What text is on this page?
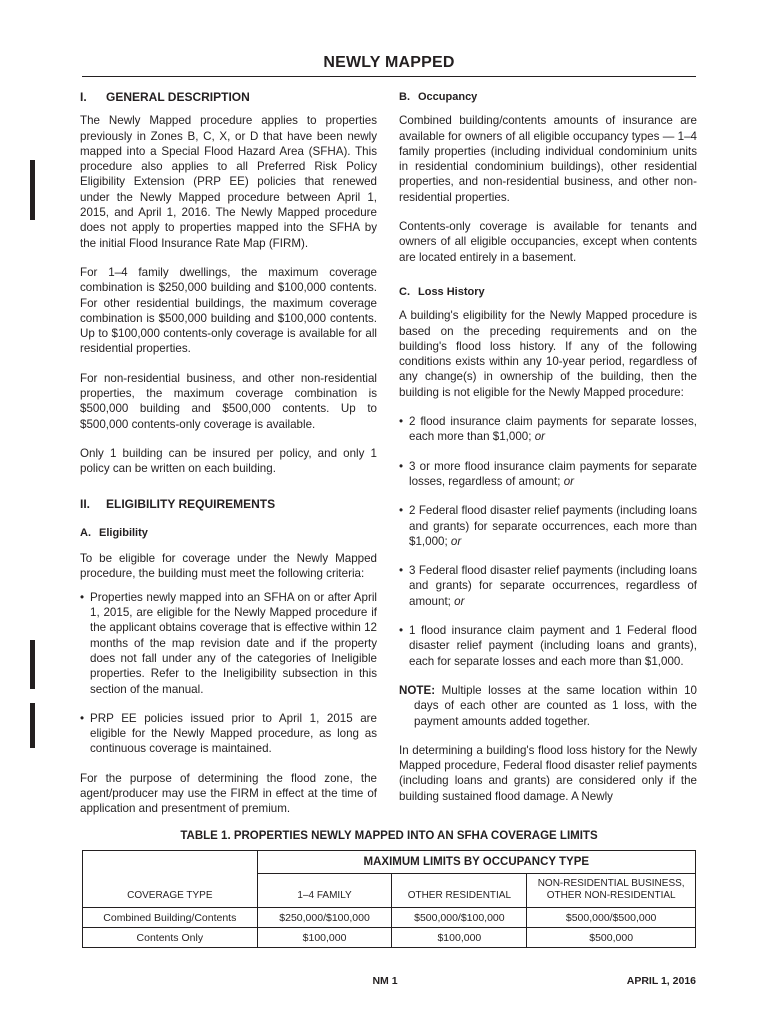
NEWLY MAPPED
I. GENERAL DESCRIPTION

The Newly Mapped procedure applies to properties previously in Zones B, C, X, or D that have been newly mapped into a Special Flood Hazard Area (SFHA). This procedure also applies to all Preferred Risk Policy Eligibility Extension (PRP EE) policies that renewed under the Newly Mapped procedure between April 1, 2015, and April 1, 2016. The Newly Mapped procedure does not apply to properties mapped into the SFHA by the initial Flood Insurance Rate Map (FIRM).

For 1–4 family dwellings, the maximum coverage combination is $250,000 building and $100,000 contents. For other residential buildings, the maximum coverage combination is $500,000 building and $100,000 contents. Up to $100,000 contents-only coverage is available for all residential properties.

For non-residential business, and other non-residential properties, the maximum coverage combination is $500,000 building and $500,000 contents. Up to $500,000 contents-only coverage is available.

Only 1 building can be insured per policy, and only 1 policy can be written on each building.

II. ELIGIBILITY REQUIREMENTS
A. Eligibility

To be eligible for coverage under the Newly Mapped procedure, the building must meet the following criteria:

• Properties newly mapped into an SFHA on or after April 1, 2015, are eligible for the Newly Mapped procedure if the applicant obtains coverage that is effective within 12 months of the map revision date and if the property does not fall under any of the categories of Ineligible properties. Refer to the Ineligibility subsection in this section of the manual.
• PRP EE policies issued prior to April 1, 2015 are eligible for the Newly Mapped procedure, as long as continuous coverage is maintained.

For the purpose of determining the flood zone, the agent/producer may use the FIRM in effect at the time of application and presentment of premium.

B. Occupancy

Combined building/contents amounts of insurance are available for owners of all eligible occupancy types — 1–4 family properties (including individual condominium units in residential condominium buildings), other residential properties, and non-residential business, and other non-residential properties.

Contents-only coverage is available for tenants and owners of all eligible occupancies, except when contents are located entirely in a basement.

C. Loss History

A building's eligibility for the Newly Mapped procedure is based on the preceding requirements and on the building's flood loss history. If any of the following conditions exists within any 10-year period, regardless of any change(s) in ownership of the building, then the building is not eligible for the Newly Mapped procedure:

• 2 flood insurance claim payments for separate losses, each more than $1,000; or
• 3 or more flood insurance claim payments for separate losses, regardless of amount; or
• 2 Federal flood disaster relief payments (including loans and grants) for separate occurrences, each more than $1,000; or
• 3 Federal flood disaster relief payments (including loans and grants) for separate occurrences, regardless of amount; or
• 1 flood insurance claim payment and 1 Federal flood disaster relief payment (including loans and grants), each for separate losses and each more than $1,000.

NOTE: Multiple losses at the same location within 10 days of each other are counted as 1 loss, with the payment amounts added together.

In determining a building's flood loss history for the Newly Mapped procedure, Federal flood disaster relief payments (including loans and grants) are considered only if the building sustained flood damage. A Newly

TABLE 1. PROPERTIES NEWLY MAPPED INTO AN SFHA COVERAGE LIMITS
COVERAGE TYPE	MAXIMUM LIMITS BY OCCUPANCY TYPE		
	1–4 FAMILY	OTHER RESIDENTIAL	NON-RESIDENTIAL BUSINESS, OTHER NON-RESIDENTIAL
Combined Building/Contents	$250,000/$100,000	$500,000/$100,000	$500,000/$500,000
Contents Only	$100,000	$100,000	$500,000
NM 1	APRIL 1, 2016
